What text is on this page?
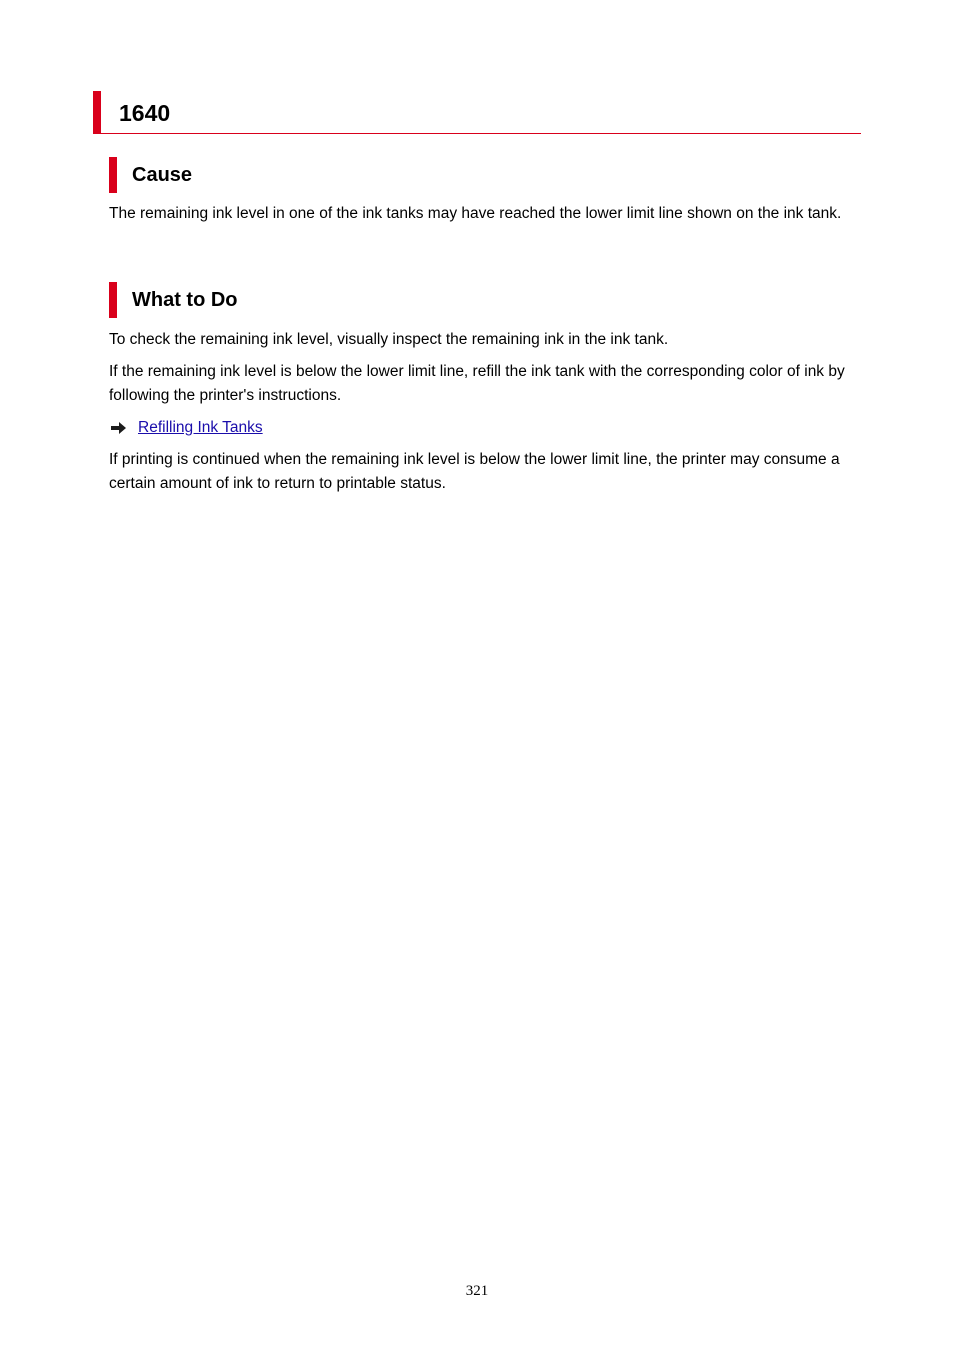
1640
Cause

The remaining ink level in one of the ink tanks may have reached the lower limit line shown on the ink tank.

What to Do

To check the remaining ink level, visually inspect the remaining ink in the ink tank.

If the remaining ink level is below the lower limit line, refill the ink tank with the corresponding color of ink by following the printer's instructions.

Refilling Ink Tanks

If printing is continued when the remaining ink level is below the lower limit line, the printer may consume a certain amount of ink to return to printable status.

321
